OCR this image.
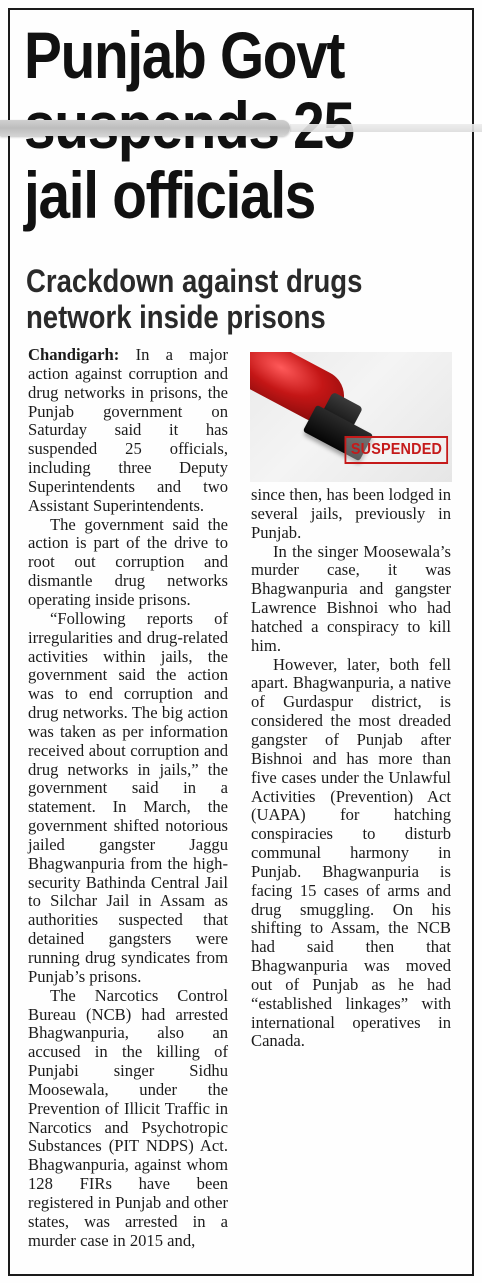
Punjab Govt
25
jail officials
Crackdown against drugs
network inside prisons
SUSPENDED

Chandigarh: In a major action against corruption and drug networks in prisons, the Punjab government on Saturday said it has suspended 25 officials, including three Deputy Superintendents and two Assistant Superintendents.

The government said the action is part of the drive to root out corruption and dismantle drug networks operating inside prisons.

“Following reports of irregularities and drug-related activities within jails, the government said the action was to end corruption and drug networks. The big action was taken as per information received about corruption and drug networks in jails,” the government said in a statement. In March, the government shifted notorious jailed gangster Jaggu Bhagwanpuria from the high-security Bathinda Central Jail to Silchar Jail in Assam as authorities suspected that detained gangsters were running drug syndicates from Punjab’s prisons.

The Narcotics Control Bureau (NCB) had arrested Bhagwanpuria, also an accused in the killing of Punjabi singer Sidhu Moosewala, under the Prevention of Illicit Traffic in Narcotics and Psychotropic Substances (PIT NDPS) Act. Bhagwanpuria, against whom 128 FIRs have been registered in Punjab and other states, was arrested in a murder case in 2015 and,

since then, has been lodged in several jails, previously in Punjab.

In the singer Moosewala’s murder case, it was Bhagwanpuria and gangster Lawrence Bishnoi who had hatched a conspiracy to kill him.

However, later, both fell apart. Bhagwanpuria, a native of Gurdaspur district, is considered the most dreaded gangster of Punjab after Bishnoi and has more than five cases under the Unlawful Activities (Prevention) Act (UAPA) for hatching conspiracies to disturb communal harmony in Punjab. Bhagwanpuria is facing 15 cases of arms and drug smuggling. On his shifting to Assam, the NCB had said then that Bhagwanpuria was moved out of Punjab as he had “established linkages” with international operatives in Canada.
